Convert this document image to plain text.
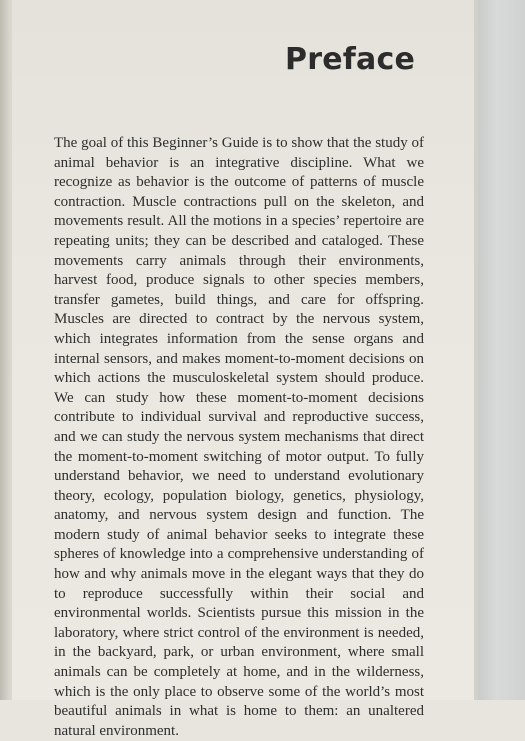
Preface

The goal of this Beginner’s Guide is to show that the study of animal behavior is an integrative discipline. What we recognize as behavior is the outcome of patterns of muscle contraction. Muscle contractions pull on the skeleton, and movements result. All the motions in a species’ repertoire are repeating units; they can be described and cataloged. These movements carry animals through their environments, harvest food, produce signals to other species members, transfer gametes, build things, and care for offspring. Muscles are directed to contract by the nervous system, which integrates information from the sense organs and internal sensors, and makes moment-to-moment decisions on which actions the musculoskeletal system should produce. We can study how these moment-to-moment decisions contribute to individual survival and reproductive success, and we can study the nervous system mechanisms that direct the moment-to-moment switching of motor output. To fully understand behavior, we need to understand evolutionary theory, ecology, population biology, genetics, physiology, anatomy, and nervous system design and function. The modern study of animal behavior seeks to integrate these spheres of knowledge into a comprehensive understanding of how and why animals move in the elegant ways that they do to reproduce successfully within their social and environmental worlds. Scientists pursue this mission in the laboratory, where strict control of the environment is needed, in the backyard, park, or urban environment, where small animals can be completely at home, and in the wilderness, which is the only place to observe some of the world’s most beautiful animals in what is home to them: an unaltered natural environment.
